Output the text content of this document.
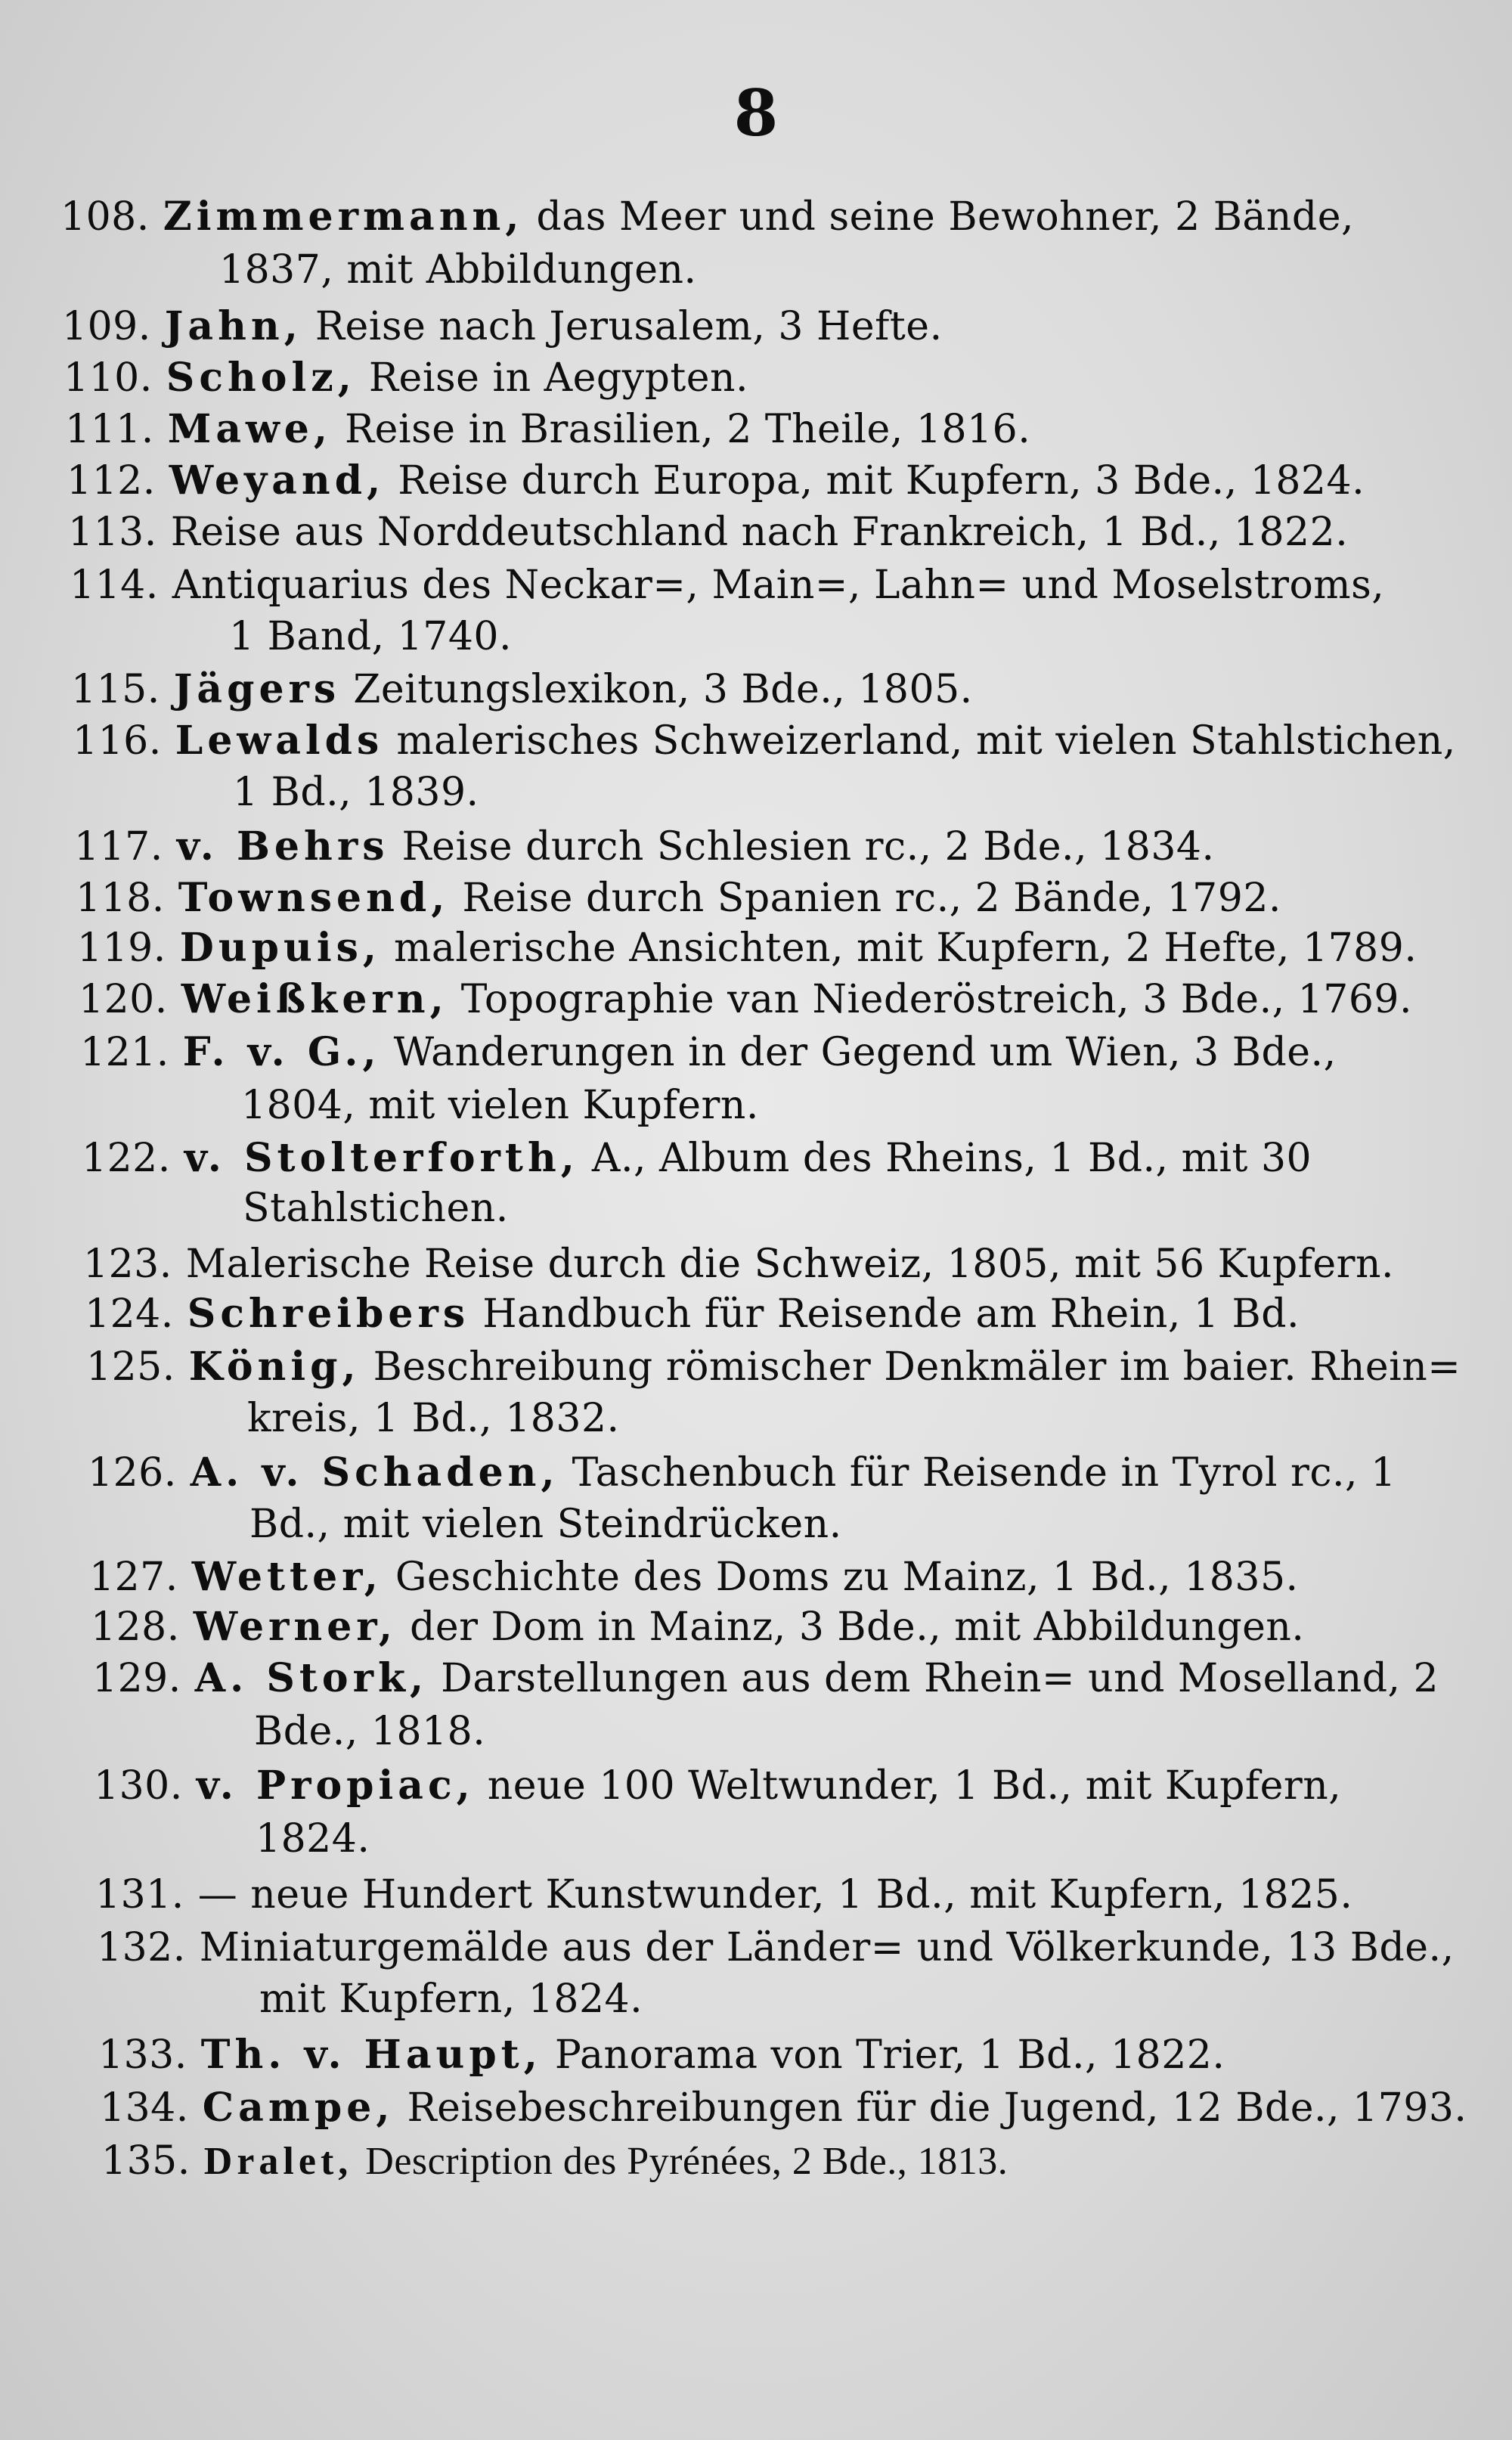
8
108. Zimmermann, das Meer und seine Bewohner, 2 Bände,
1837, mit Abbildungen.
109. Jahn, Reise nach Jerusalem, 3 Hefte.
110. Scholz, Reise in Aegypten.
111. Mawe, Reise in Brasilien, 2 Theile, 1816.
112. Weyand, Reise durch Europa, mit Kupfern, 3 Bde., 1824.
113. Reise aus Norddeutschland nach Frankreich, 1 Bd., 1822.
114. Antiquarius des Neckar=, Main=, Lahn= und Moselstroms,
1 Band, 1740.
115. Jägers Zeitungslexikon, 3 Bde., 1805.
116. Lewalds malerisches Schweizerland, mit vielen Stahlstichen,
1 Bd., 1839.
117. v. Behrs Reise durch Schlesien rc., 2 Bde., 1834.
118. Townsend, Reise durch Spanien rc., 2 Bände, 1792.
119. Dupuis, malerische Ansichten, mit Kupfern, 2 Hefte, 1789.
120. Weißkern, Topographie van Niederöstreich, 3 Bde., 1769.
121. F. v. G., Wanderungen in der Gegend um Wien, 3 Bde.,
1804, mit vielen Kupfern.
122. v. Stolterforth, A., Album des Rheins, 1 Bd., mit 30
Stahlstichen.
123. Malerische Reise durch die Schweiz, 1805, mit 56 Kupfern.
124. Schreibers Handbuch für Reisende am Rhein, 1 Bd.
125. König, Beschreibung römischer Denkmäler im baier. Rhein=
kreis, 1 Bd., 1832.
126. A. v. Schaden, Taschenbuch für Reisende in Tyrol rc., 1
Bd., mit vielen Steindrücken.
127. Wetter, Geschichte des Doms zu Mainz, 1 Bd., 1835.
128. Werner, der Dom in Mainz, 3 Bde., mit Abbildungen.
129. A. Stork, Darstellungen aus dem Rhein= und Moselland, 2
Bde., 1818.
130. v. Propiac, neue 100 Weltwunder, 1 Bd., mit Kupfern,
1824.
131. — neue Hundert Kunstwunder, 1 Bd., mit Kupfern, 1825.
132. Miniaturgemälde aus der Länder= und Völkerkunde, 13 Bde.,
mit Kupfern, 1824.
133. Th. v. Haupt, Panorama von Trier, 1 Bd., 1822.
134. Campe, Reisebeschreibungen für die Jugend, 12 Bde., 1793.
135. Dralet, Description des Pyrénées, 2 Bde., 1813.
